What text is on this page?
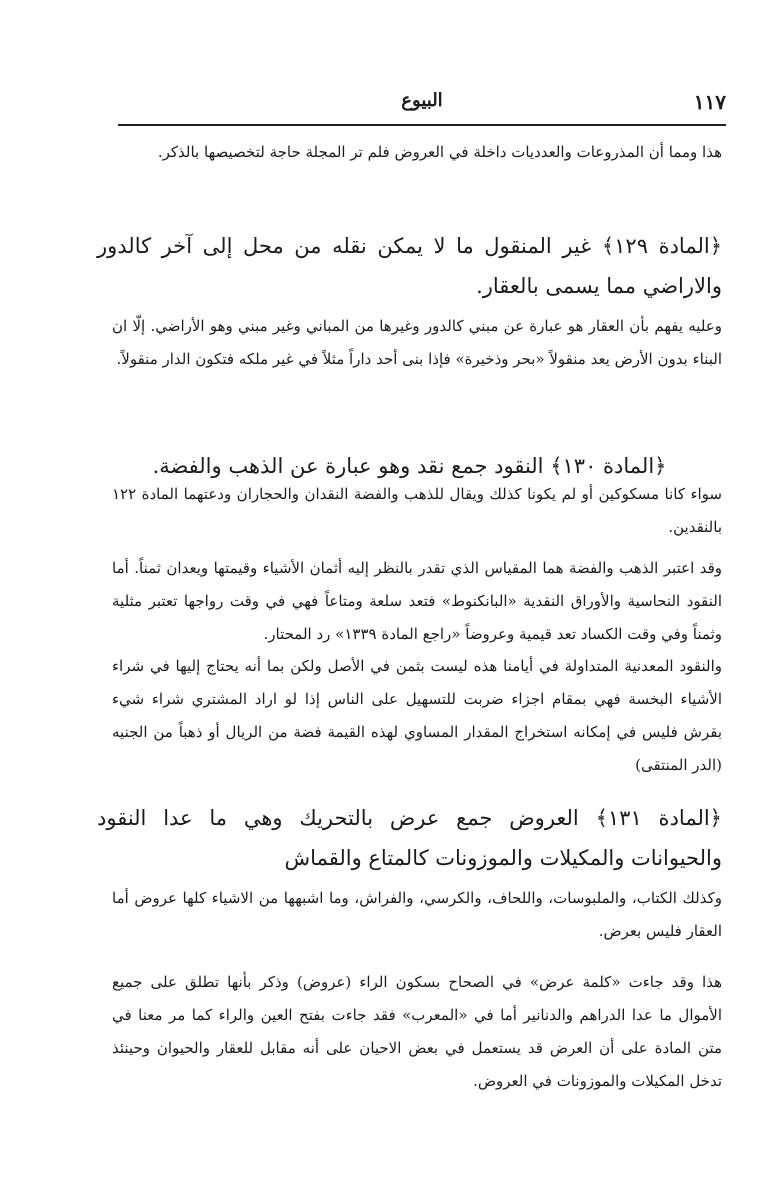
١١٧
البيوع

هذا ومما أن المذروعات والعدديات داخلة في العروض فلم تر المجلة حاجة لتخصيصها بالذكر.

﴿المادة ١٢٩﴾ غير المنقول ما لا يمكن نقله من محل إلى آخر كالدور والاراضي مما يسمى بالعقار.

وعليه يفهم بأن العقار هو عبارة عن مبني كالدور وغيرها من المباني وغير مبني وهو الأراضي. إلّا ان البناء بدون الأرض يعد منقولاً «بحر وذخيرة» فإذا بنى أحد داراً مثلاً في غير ملكه فتكون الدار منقولاً.

﴿المادة ١٣٠﴾ النقود جمع نقد وهو عبارة عن الذهب والفضة.

سواء كانا مسكوكين أو لم يكونا كذلك ويقال للذهب والفضة النقدان والحجاران ودعتهما المادة ١٢٢ بالنقدين.

وقد اعتبر الذهب والفضة هما المقياس الذي تقدر بالنظر إليه أثمان الأشياء وقيمتها ويعدان ثمناً. أما النقود النحاسية والأوراق النقدية «البانكنوط» فتعد سلعة ومتاعاً فهي في وقت رواجها تعتبر مثلية وثمناً وفي وقت الكساد تعد قيمية وعروضاً «راجع المادة ١٣٣٩» رد المحتار.

والنقود المعدنية المتداولة في أيامنا هذه ليست بثمن في الأصل ولكن بما أنه يحتاج إليها في شراء الأشياء البخسة فهي بمقام اجزاء ضربت للتسهيل على الناس إذا لو اراد المشتري شراء شيء بقرش فليس في إمكانه استخراج المقدار المساوي لهذه القيمة فضة من الريال أو ذهباً من الجنيه (الدر المنتقى)

﴿المادة ١٣١﴾ العروض جمع عرض بالتحريك وهي ما عدا النقود والحيوانات والمكيلات والموزونات كالمتاع والقماش

وكذلك الكتاب، والملبوسات، واللحاف، والكرسي، والفراش، وما اشبهها من الاشياء كلها عروض أما العقار فليس بعرض.

هذا وقد جاءت «كلمة عرض» في الصحاح بسكون الراء (عروض) وذكر بأنها تطلق على جميع الأموال ما عدا الدراهم والدنانير أما في «المعرب» فقد جاءت بفتح العين والراء كما مر معنا في متن المادة على أن العرض قد يستعمل في بعض الاحيان على أنه مقابل للعقار والحيوان وحينئذ تدخل المكيلات والموزونات في العروض.
